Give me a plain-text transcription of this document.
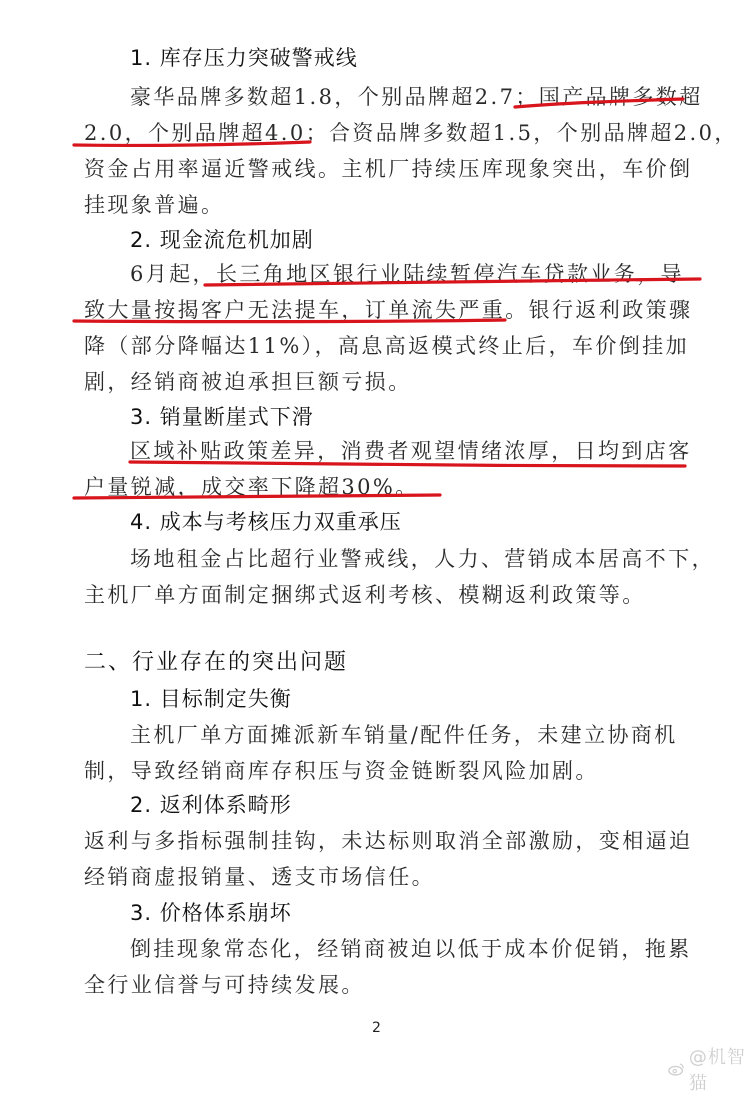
1. 库存压力突破警戒线
豪华品牌多数超1.8，个别品牌超2.7；国产品牌多数超
2.0，个别品牌超4.0；合资品牌多数超1.5，个别品牌超2.0，
资金占用率逼近警戒线。主机厂持续压库现象突出，车价倒
挂现象普遍。
2. 现金流危机加剧
6月起，长三角地区银行业陆续暂停汽车贷款业务，导
致大量按揭客户无法提车，订单流失严重。银行返利政策骤
降（部分降幅达11%），高息高返模式终止后，车价倒挂加
剧，经销商被迫承担巨额亏损。
3. 销量断崖式下滑
区域补贴政策差异，消费者观望情绪浓厚，日均到店客
户量锐减，成交率下降超30%。
4. 成本与考核压力双重承压
场地租金占比超行业警戒线，人力、营销成本居高不下，
主机厂单方面制定捆绑式返利考核、模糊返利政策等。
二、行业存在的突出问题
1. 目标制定失衡
主机厂单方面摊派新车销量/配件任务，未建立协商机
制，导致经销商库存积压与资金链断裂风险加剧。
2. 返利体系畸形
返利与多指标强制挂钩，未达标则取消全部激励，变相逼迫
经销商虚报销量、透支市场信任。
3. 价格体系崩坏
倒挂现象常态化，经销商被迫以低于成本价促销，拖累
全行业信誉与可持续发展。
2
@机智猫
